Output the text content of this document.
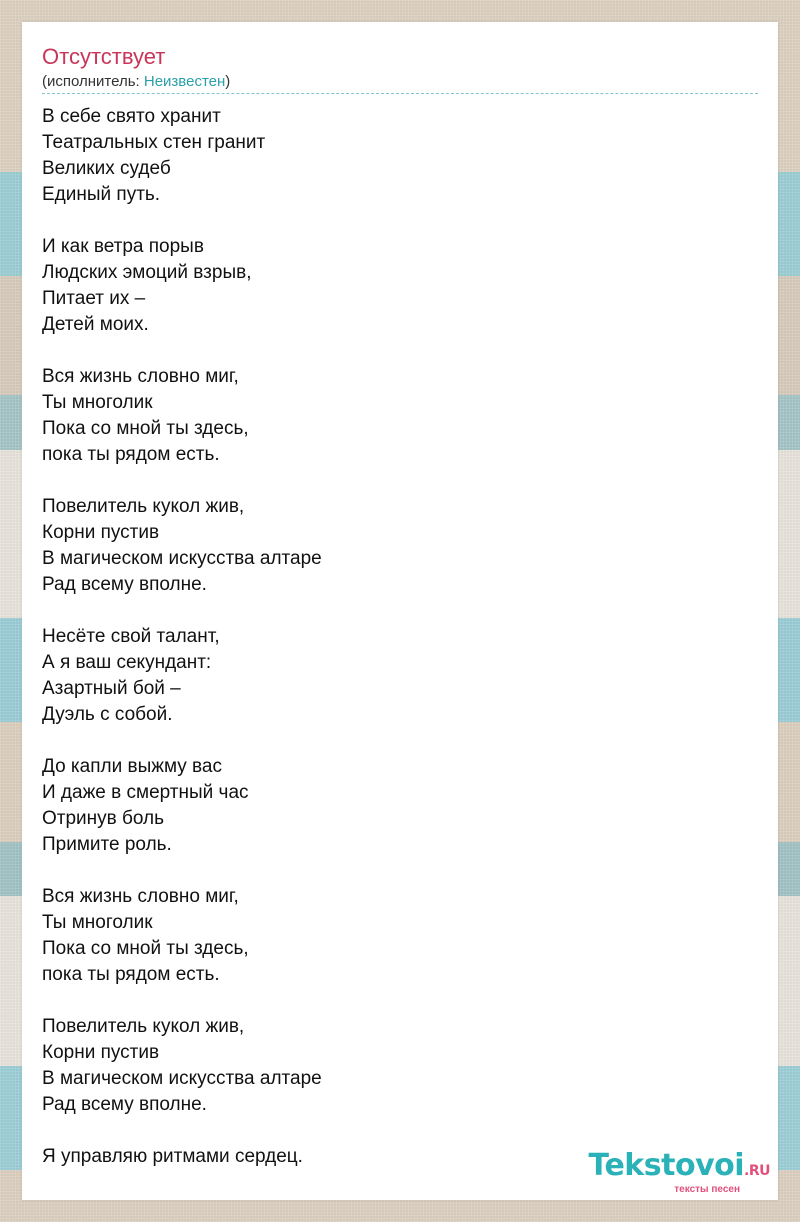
Отсутствует
(исполнитель: Неизвестен)
В себе свято хранит
Театральных стен гранит
Великих судеб
Единый путь.
И как ветра порыв
Людских эмоций взрыв,
Питает их –
Детей моих.
Вся жизнь словно миг,
Ты многолик
Пока со мной ты здесь,
пока ты рядом есть.
Повелитель кукол жив,
Корни пустив
В магическом искусства алтаре
Рад всему вполне.
Несёте свой талант,
А я ваш секундант:
Азартный бой –
Дуэль с собой.
До капли выжму вас
И даже в смертный час
Отринув боль
Примите роль.
Вся жизнь словно миг,
Ты многолик
Пока со мной ты здесь,
пока ты рядом есть.
Повелитель кукол жив,
Корни пустив
В магическом искусства алтаре
Рад всему вполне.
Я управляю ритмами сердец.	Tekstovoi.RU
тексты песен
